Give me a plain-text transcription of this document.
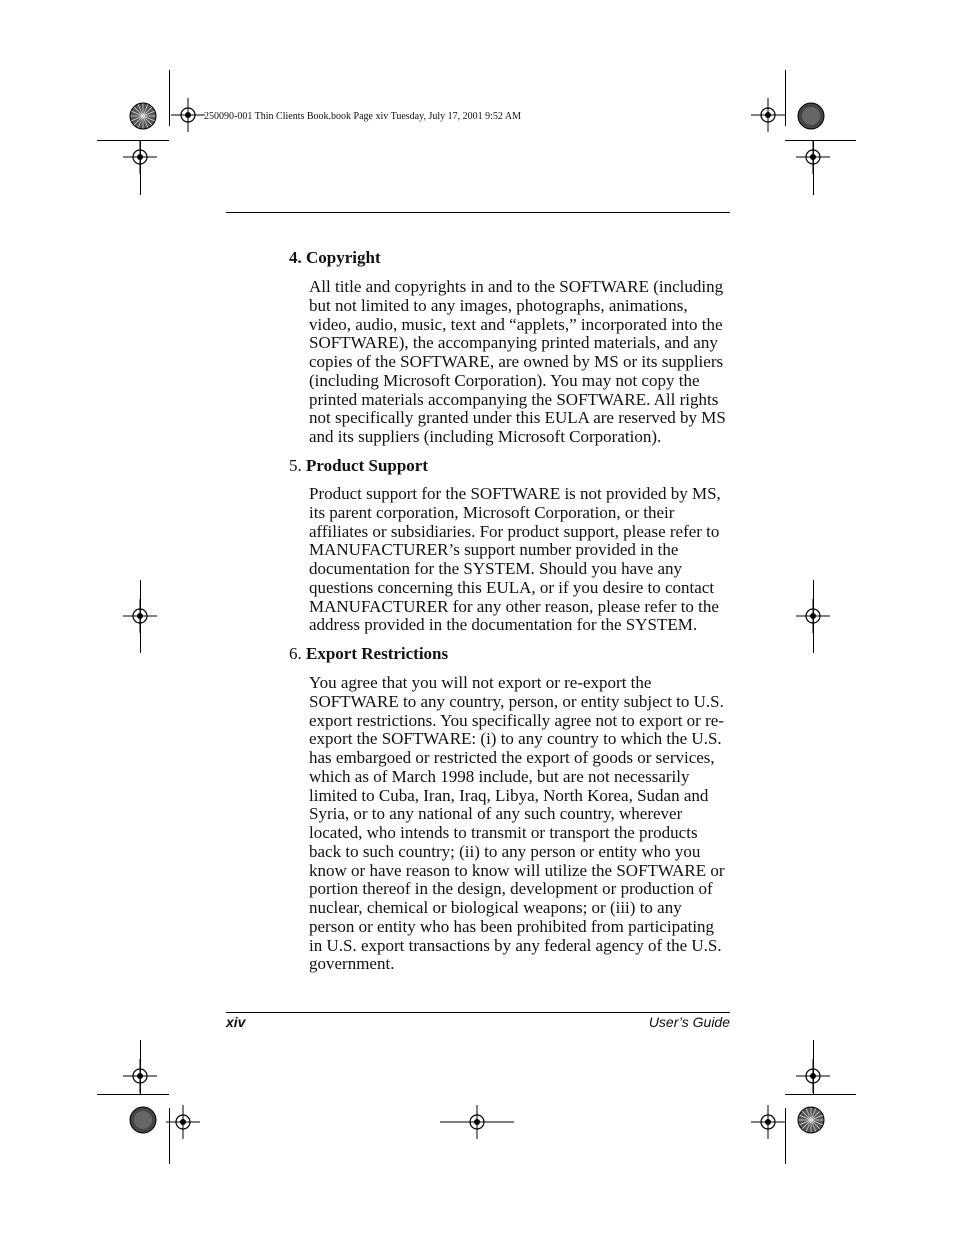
250090-001 Thin Clients Book.book Page xiv Tuesday, July 17, 2001 9:52 AM
4. Copyright

All title and copyrights in and to the SOFTWARE (including but not limited to any images, photographs, animations, video, audio, music, text and “applets,” incorporated into the SOFTWARE), the accompanying printed materials, and any copies of the SOFTWARE, are owned by MS or its suppliers (including Microsoft Corporation). You may not copy the printed materials accompanying the SOFTWARE. All rights not specifically granted under this EULA are reserved by MS and its suppliers (including Microsoft Corporation).

5. Product Support

Product support for the SOFTWARE is not provided by MS, its parent corporation, Microsoft Corporation, or their affiliates or subsidiaries. For product support, please refer to MANUFACTURER’s support number provided in the documentation for the SYSTEM. Should you have any questions concerning this EULA, or if you desire to contact MANUFACTURER for any other reason, please refer to the address provided in the documentation for the SYSTEM.

6. Export Restrictions

You agree that you will not export or re-export the SOFTWARE to any country, person, or entity subject to U.S. export restrictions. You specifically agree not to export or re-export the SOFTWARE: (i) to any country to which the U.S. has embargoed or restricted the export of goods or services, which as of March 1998 include, but are not necessarily limited to Cuba, Iran, Iraq, Libya, North Korea, Sudan and Syria, or to any national of any such country, wherever located, who intends to transmit or transport the products back to such country; (ii) to any person or entity who you know or have reason to know will utilize the SOFTWARE or portion thereof in the design, development or production of nuclear, chemical or biological weapons; or (iii) to any person or entity who has been prohibited from participating in U.S. export transactions by any federal agency of the U.S. government.

xiv	User’s Guide
